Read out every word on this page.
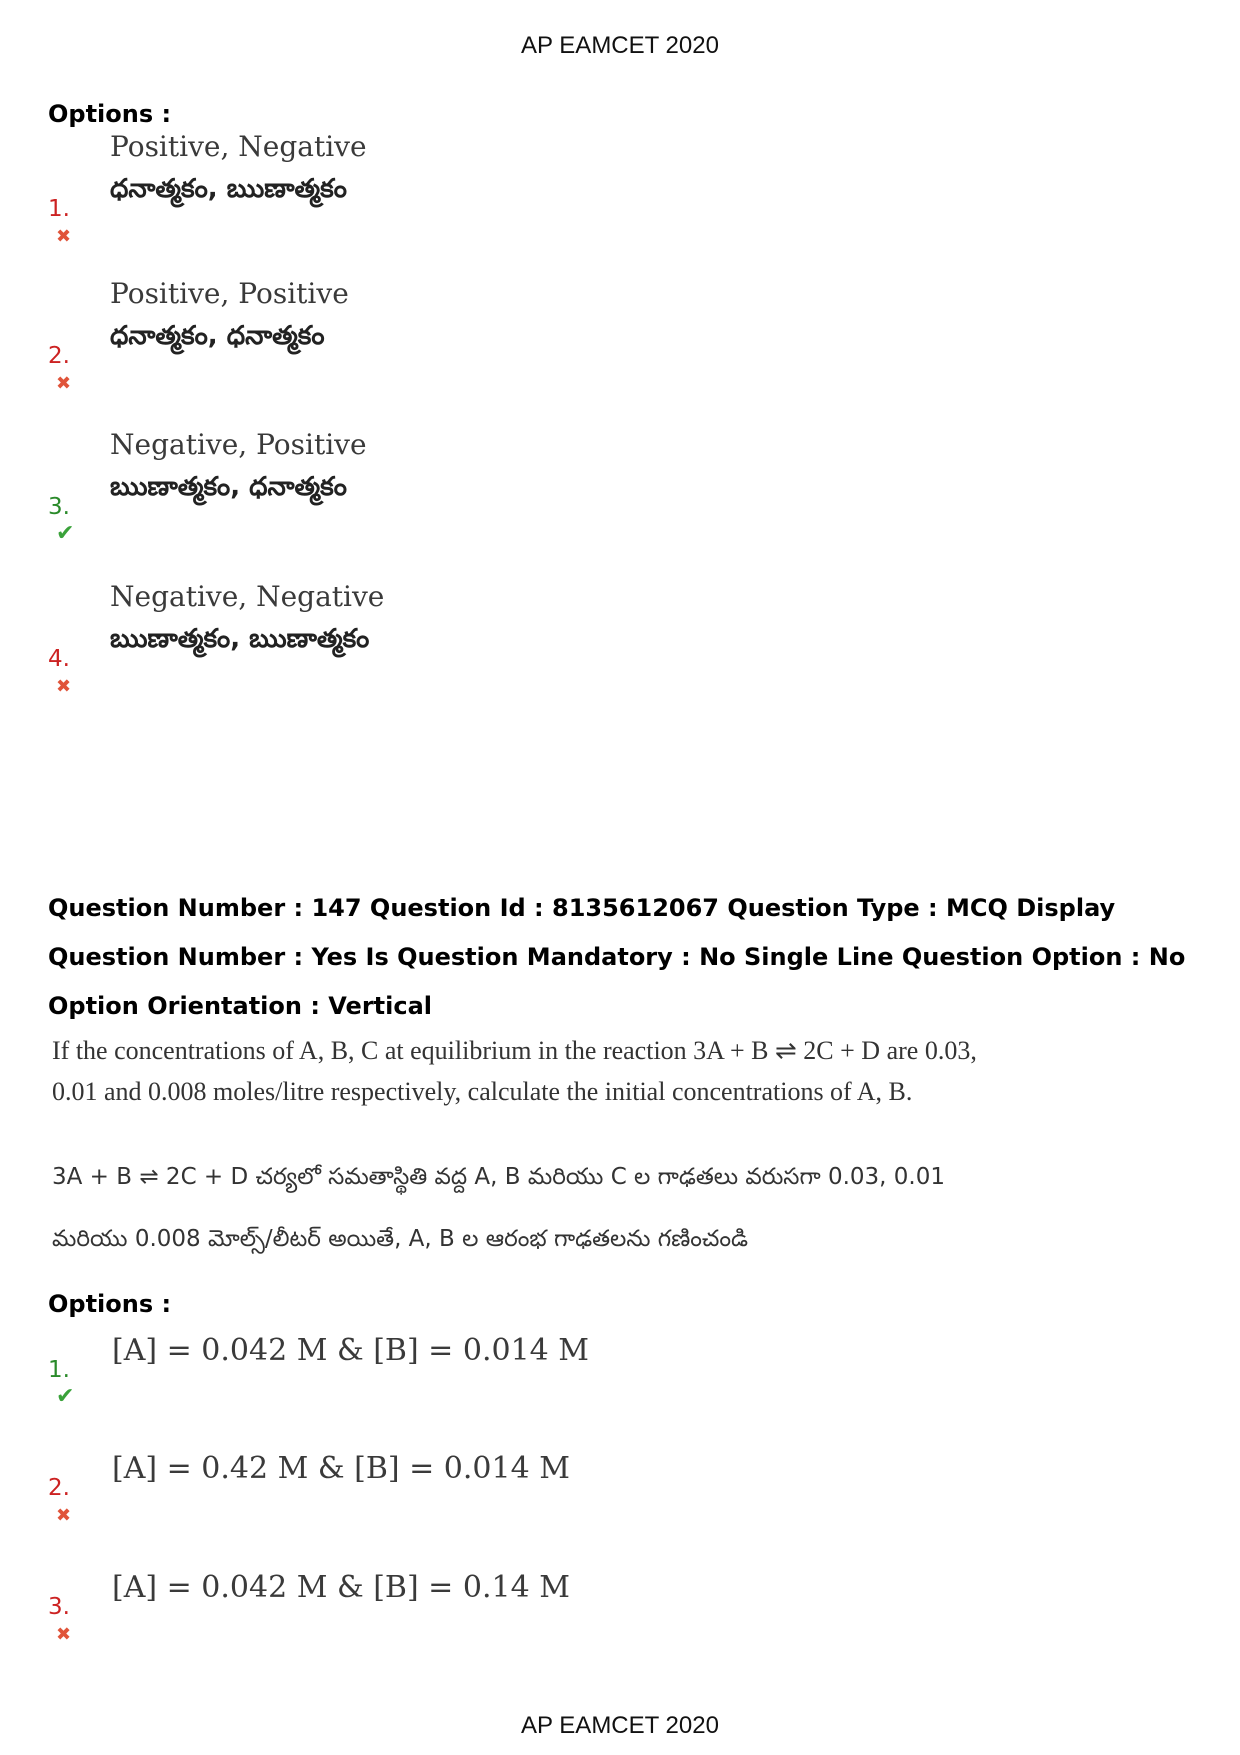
AP EAMCET 2020
Options :
Positive, Negative
ధనాత్మకం, ఋణాత్మకం
1.✖
Positive, Positive
ధనాత్మకం, ధనాత్మకం
2.✖
Negative, Positive
ఋణాత్మకం, ధనాత్మకం
3.✔
Negative, Negative
ఋణాత్మకం, ఋణాత్మకం
4.✖
Question Number : 147 Question Id : 8135612067 Question Type : MCQ Display Question Number : Yes Is Question Mandatory : No Single Line Question Option : No Option Orientation : Vertical
If the concentrations of A, B, C at equilibrium in the reaction 3A + B ⇌ 2C + D are 0.03,
0.01 and 0.008 moles/litre respectively, calculate the initial concentrations of A, B.
3A + B ⇌ 2C + D చర్యలో సమతాస్థితి వద్ద A, B మరియు C ల గాఢతలు వరుసగా 0.03, 0.01
మరియు 0.008 మోల్స్/లీటర్ అయితే, A, B ల ఆరంభ గాఢతలను గణించండి
Options :
[A] = 0.042 M & [B] = 0.014 M
1.✔
[A] = 0.42 M & [B] = 0.014 M
2.✖
[A] = 0.042 M & [B] = 0.14 M
3.✖
AP EAMCET 2020
